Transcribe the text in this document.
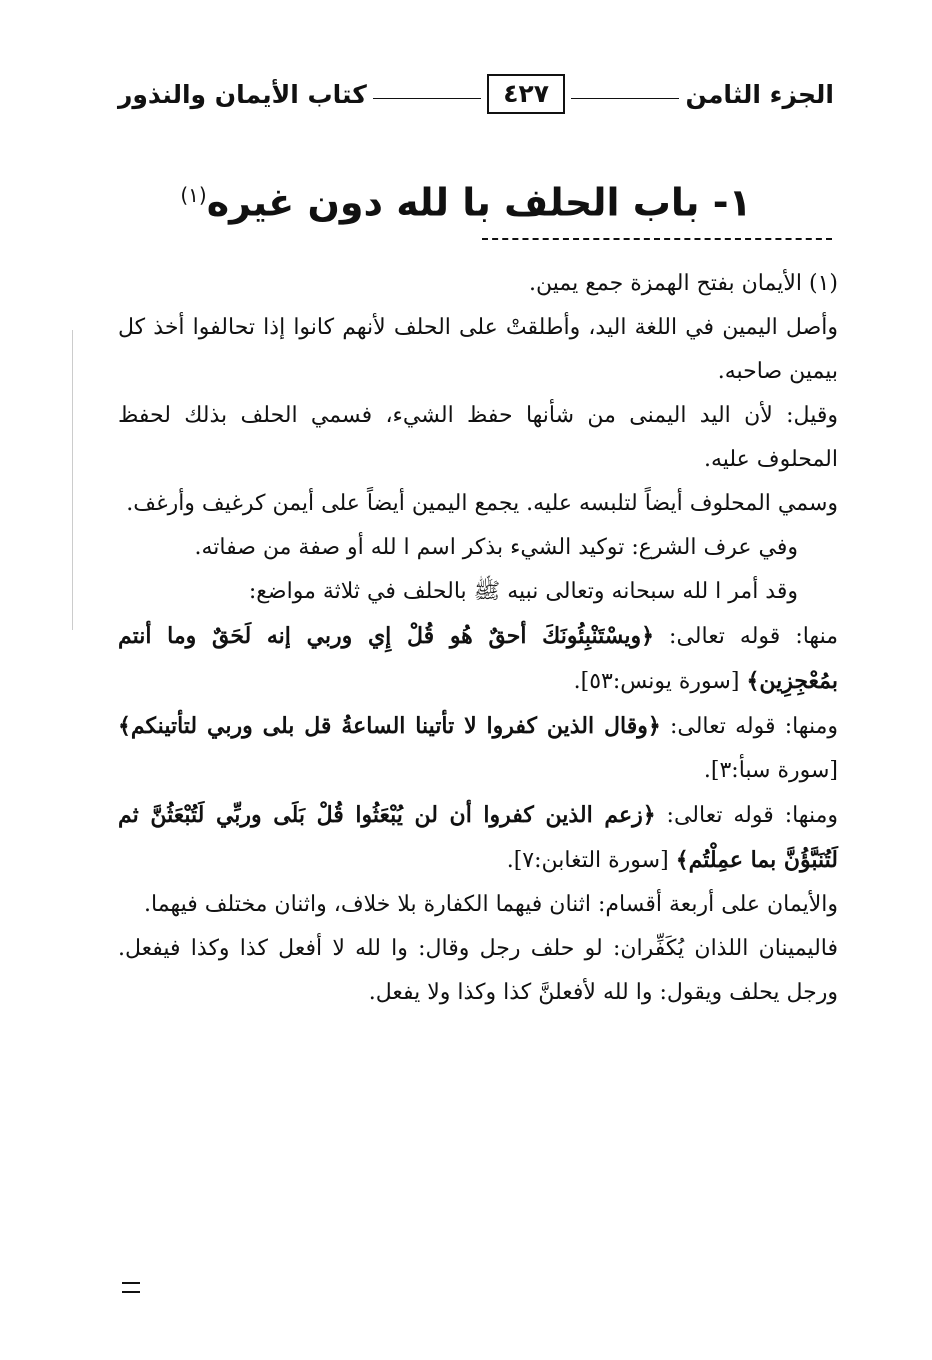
الجزء الثامن
٤٢٧
كتاب الأيمان والنذور
١- باب الحلف با لله دون غيره$^{(١)}$

(١) الأيمان بفتح الهمزة جمع يمين.

وأصل اليمين في اللغة اليد، وأطلقتْ على الحلف لأنهم كانوا إذا تحالفوا أخذ كل بيمين صاحبه.

وقيل: لأن اليد اليمنى من شأنها حفظ الشيء، فسمي الحلف بذلك لحفظ المحلوف عليه.

وسمي المحلوف أيضاً لتلبسه عليه. يجمع اليمين أيضاً على أيمن كرغيف وأرغف.

وفي عرف الشرع: توكيد الشيء بذكر اسم ا لله أو صفة من صفاته.

وقد أمر ا لله سبحانه وتعالى نبيه ﷺ بالحلف في ثلاثة مواضع:

منها: قوله تعالى: ﴿ويسْتَنْبِئُونَكَ أحقٌ هُو قُلْ إِي وربي إنه لَحَقٌ وما أنتم بمُعْجِزِين﴾ [سورة يونس:٥٣].

ومنها: قوله تعالى: ﴿وقال الذين كفروا لا تأتينا الساعةُ قل بلى وربي لتأتينكم﴾ [سورة سبأ:٣].

ومنها: قوله تعالى: ﴿زعم الذين كفروا أن لن يُبْعَثُوا قُلْ بَلَى وربِّي لَتُبْعَثُنَّ ثم لَتُنَبَّؤُنَّ بما عمِلْتُم﴾ [سورة التغابن:٧].

والأيمان على أربعة أقسام: اثنان فيهما الكفارة بلا خلاف، واثنان مختلف فيهما.

فاليمينان اللذان يُكَفِّران: لو حلف رجل وقال: وا لله لا أفعل كذا وكذا فيفعل. ورجل يحلف ويقول: وا لله لأفعلنَّ كذا وكذا ولا يفعل.
